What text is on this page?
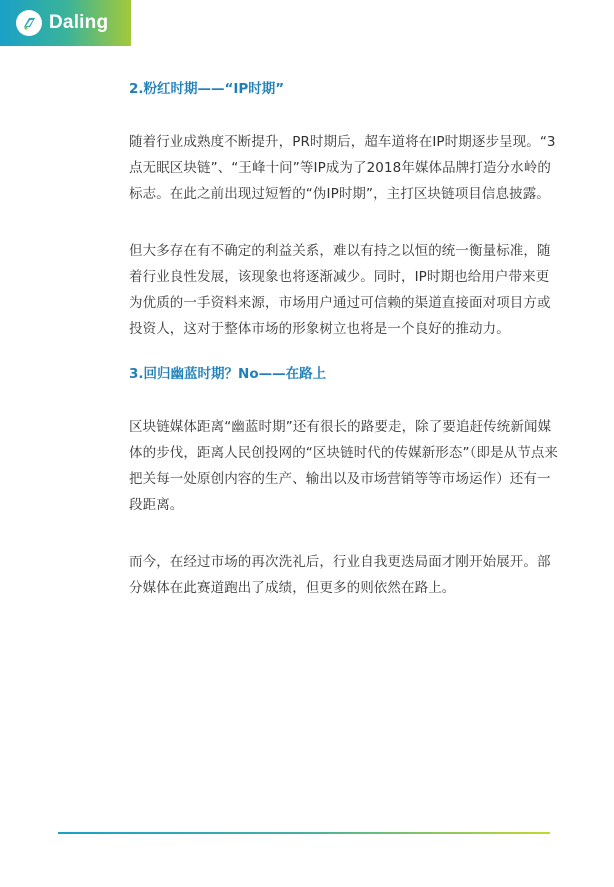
Daling
2.粉红时期——“IP时期”

随着行业成熟度不断提升，PR时期后，超车道将在IP时期逐步呈现。“3点无眠区块链”、“王峰十问”等IP成为了2018年媒体品牌打造分水岭的标志。在此之前出现过短暂的“伪IP时期”，主打区块链项目信息披露。

但大多存在有不确定的利益关系，难以有持之以恒的统一衡量标准，随着行业良性发展，该现象也将逐渐减少。同时，IP时期也给用户带来更为优质的一手资料来源，市场用户通过可信赖的渠道直接面对项目方或投资人，这对于整体市场的形象树立也将是一个良好的推动力。

3.回归幽蓝时期？No——在路上

区块链媒体距离“幽蓝时期”还有很长的路要走，除了要追赶传统新闻媒体的步伐，距离人民创投网的“区块链时代的传媒新形态”（即是从节点来把关每一处原创内容的生产、输出以及市场营销等等市场运作）还有一段距离。

而今，在经过市场的再次洗礼后，行业自我更迭局面才刚开始展开。部分媒体在此赛道跑出了成绩，但更多的则依然在路上。
